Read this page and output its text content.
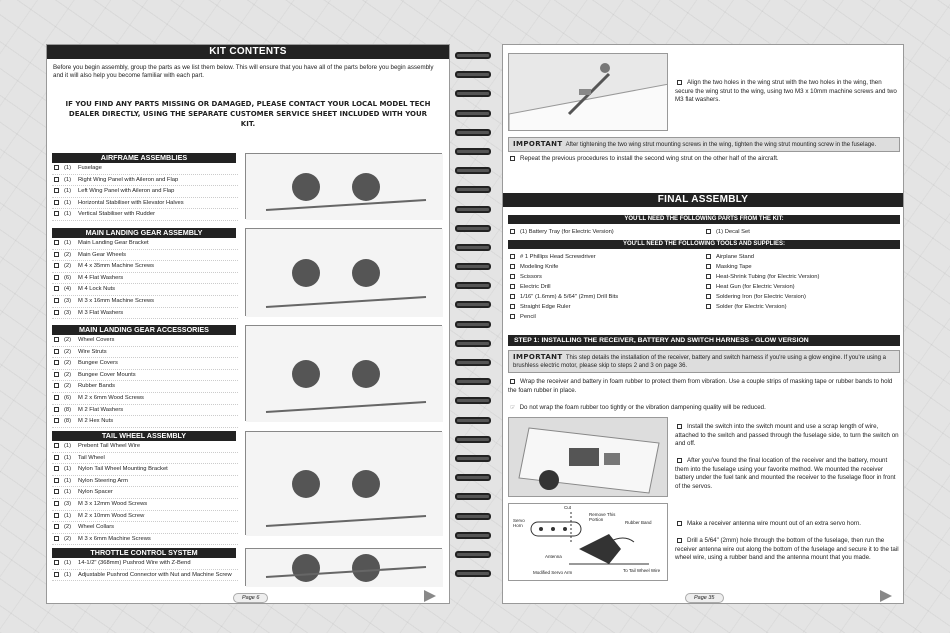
KIT CONTENTS
Before you begin assembly, group the parts as we list them below. This will ensure that you have all of the parts before you begin assembly and it will also help you become familiar with each part.
IF YOU FIND ANY PARTS MISSING OR DAMAGED, PLEASE CONTACT YOUR LOCAL MODEL TECH DEALER DIRECTLY, USING THE SEPARATE CUSTOMER SERVICE SHEET INCLUDED WITH YOUR KIT.
AIRFRAME ASSEMBLIES
(1) Fuselage
(1) Right Wing Panel with Aileron and Flap
(1) Left Wing Panel with Aileron and Flap
(1) Horizontal Stabiliser with Elevator Halves
(1) Vertical Stabiliser with Rudder
MAIN LANDING GEAR ASSEMBLY
(1) Main Landing Gear Bracket
(2) Main Gear Wheels
(2) M 4 x 35mm Machine Screws
(6) M 4 Flat Washers
(4) M 4 Lock Nuts
(3) M 3 x 16mm Machine Screws
(3) M 3 Flat Washers
MAIN LANDING GEAR ACCESSORIES
(2) Wheel Covers
(2) Wire Struts
(2) Bungee Covers
(2) Bungee Cover Mounts
(2) Rubber Bands
(6) M 2 x 6mm Wood Screws
(8) M 2 Flat Washers
(8) M 2 Hex Nuts
TAIL WHEEL ASSEMBLY
(1) Prebent Tail Wheel Wire
(1) Tail Wheel
(1) Nylon Tail Wheel Mounting Bracket
(1) Nylon Steering Arm
(1) Nylon Spacer
(3) M 3 x 12mm Wood Screws
(1) M 2 x 10mm Wood Screw
(2) Wheel Collars
(2) M 3 x 6mm Machine Screws
THROTTLE CONTROL SYSTEM
(1) 14-1/2" (368mm) Pushrod Wire with Z-Bend
(1) Adjustable Pushrod Connector with Nut and Machine Screw
Page 6
Align the two holes in the wing strut with the two holes in the wing, then secure the wing strut to the wing, using two M3 x 10mm machine screws and two M3 flat washers.
IMPORTANT After tightening the two wing strut mounting screws in the wing, tighten the wing strut mounting screw in the fuselage.
Repeat the previous procedures to install the second wing strut on the other half of the aircraft.
FINAL ASSEMBLY
YOU'LL NEED THE FOLLOWING PARTS FROM THE KIT:
(1) Battery Tray (for Electric Version)	(1) Decal Set
YOU'LL NEED THE FOLLOWING TOOLS AND SUPPLIES:
# 1 Phillips Head Screwdriver
Modeling Knife
Scissors
Electric Drill
1/16" (1.6mm) & 5/64" (2mm) Drill Bits
Straight Edge Ruler
Pencil
Airplane Stand
Masking Tape
Heat-Shrink Tubing (for Electric Version)
Heat Gun (for Electric Version)
Soldering Iron (for Electric Version)
Solder (for Electric Version)
STEP 1: INSTALLING THE RECEIVER, BATTERY AND SWITCH HARNESS - GLOW VERSION
IMPORTANT This step details the installation of the receiver, battery and switch harness if you're using a glow engine. If you're using a brushless electric motor, please skip to steps 2 and 3 on page 36.
Wrap the receiver and battery in foam rubber to protect them from vibration. Use a couple strips of masking tape or rubber bands to hold the foam rubber in place.
☞ Do not wrap the foam rubber too tightly or the vibration dampening quality will be reduced.
Install the switch into the switch mount and use a scrap length of wire, attached to the switch and passed through the fuselage side, to turn the switch on and off.
After you've found the final location of the receiver and the battery, mount them into the fuselage using your favorite method. We mounted the receiver battery under the fuel tank and mounted the receiver to the fuselage floor in front of the servos.
Cut
Servo Horn
Remove This Portion
Rubber Band
Antenna
Modified Servo Arm	To Tail Wheel Wire
Make a receiver antenna wire mount out of an extra servo horn.
Drill a 5/64" (2mm) hole through the bottom of the fuselage, then run the receiver antenna wire out along the bottom of the fuselage and secure it to the tail wheel wire, using a rubber band and the antenna mount that you made.
Page 35
